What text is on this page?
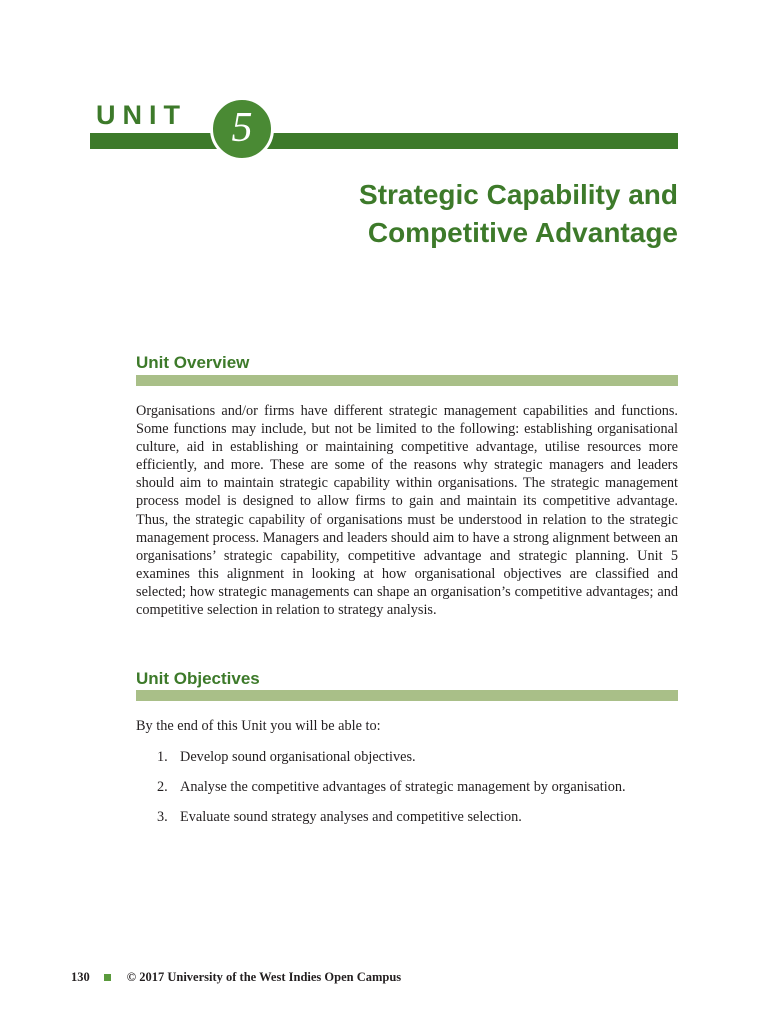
UNIT	5
Strategic Capability and
Competitive Advantage
Unit Overview

Organisations and/or firms have different strategic management capabilities and functions. Some functions may include, but not be limited to the following: establishing organisational culture, aid in establishing or maintaining competitive advantage, utilise resources more efficiently, and more. These are some of the reasons why strategic managers and leaders should aim to maintain strategic capability within organisations. The strategic management process model is designed to allow firms to gain and maintain its competitive advantage. Thus, the strategic capability of organisations must be understood in relation to the strategic management process. Managers and leaders should aim to have a strong alignment between an organisations’ strategic capability, competitive advantage and strategic planning. Unit 5 examines this alignment in looking at how organisational objectives are classified and selected; how strategic managements can shape an organisation’s competitive advantages; and competitive selection in relation to strategy analysis.

Unit Objectives
By the end of this Unit you will be able to:
1. Develop sound organisational objectives.
2. Analyse the competitive advantages of strategic management by organisation.
3. Evaluate sound strategy analyses and competitive selection.
130	© 2017 University of the West Indies Open Campus
